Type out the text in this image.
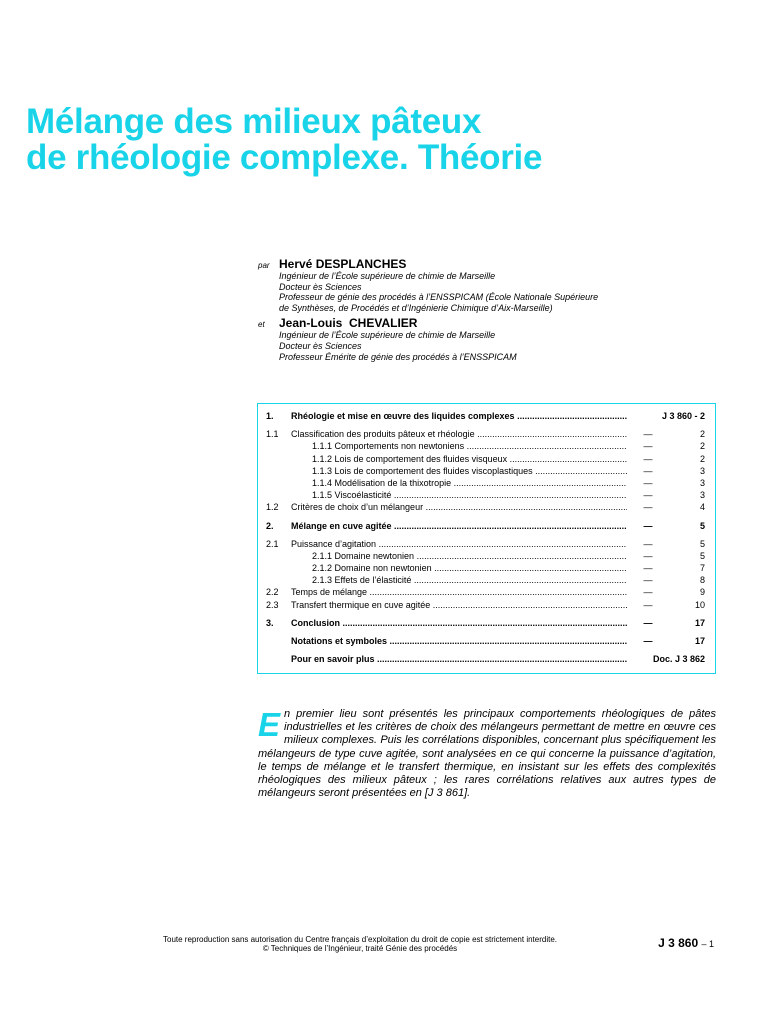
Mélange des milieux pâteux
de rhéologie complexe. Théorie
par Hervé DESPLANCHES
Ingénieur de l’École supérieure de chimie de Marseille
Docteur ès Sciences
Professeur de génie des procédés à l’ENSSPICAM (École Nationale Supérieure
de Synthèses, de Procédés et d’Ingénierie Chimique d’Aix-Marseille)
et Jean-Louis  CHEVALIER
Ingénieur de l’École supérieure de chimie de Marseille
Docteur ès Sciences
Professeur Émérite de génie des procédés à l’ENSSPICAM
1.	Rhéologie et mise en œuvre des liquides complexes .....	J 3 860 - 2
1.1	Classification des produits pâteux et rhéologie .....	—	2
1.1.1 Comportements non newtoniens .....	—	2
1.1.2 Lois de comportement des fluides visqueux .....	—	2
1.1.3 Lois de comportement des fluides viscoplastiques .....	—	3
1.1.4 Modélisation de la thixotropie .....	—	3
1.1.5 Viscoélasticité .....	—	3
1.2	Critères de choix d’un mélangeur .....	—	4
2.	Mélange en cuve agitée .....	—	5
2.1	Puissance d’agitation .....	—	5
2.1.1 Domaine newtonien .....	—	5
2.1.2 Domaine non newtonien .....	—	7
2.1.3 Effets de l’élasticité .....	—	8
2.2	Temps de mélange .....	—	9
2.3	Transfert thermique en cuve agitée .....	—	10
3.	Conclusion .....	—	17
Notations et symboles .....	—	17
Pour en savoir plus .....	Doc. J 3 862

En premier lieu sont présentés les principaux comportements rhéologiques de pâtes industrielles et les critères de choix des mélangeurs permettant de mettre en œuvre ces milieux complexes. Puis les corrélations disponibles, concernant plus spécifiquement les mélangeurs de type cuve agitée, sont analysées en ce qui concerne la puissance d’agitation, le temps de mélange et le transfert thermique, en insistant sur les effets des complexités rhéologiques des milieux pâteux ; les rares corrélations relatives aux autres types de mélangeurs seront présentées en [J 3 861].

Toute reproduction sans autorisation du Centre français d’exploitation du droit de copie est strictement interdite.
© Techniques de l’Ingénieur, traité Génie des procédés	J 3 860 – 1
